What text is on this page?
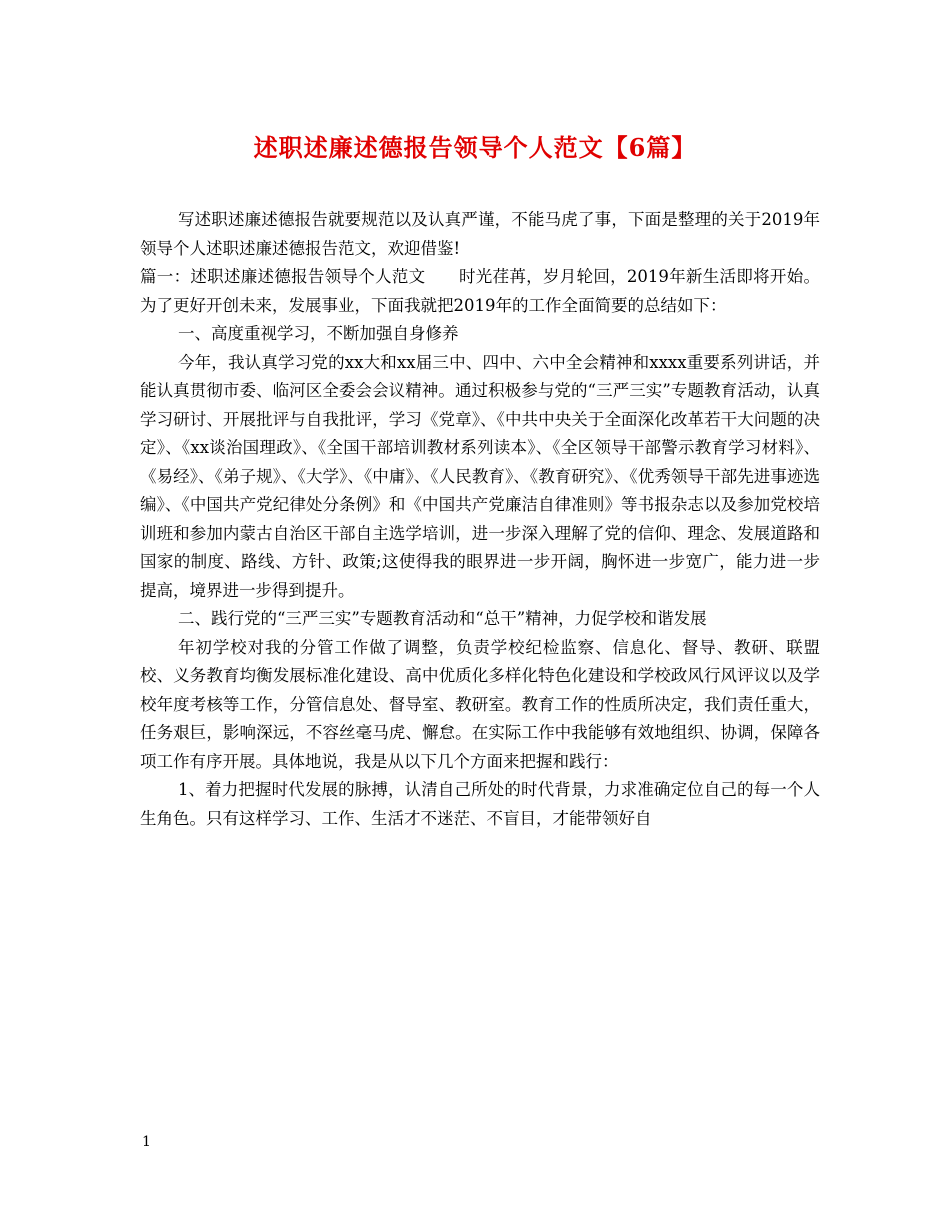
述职述廉述德报告领导个人范文【6篇】

写述职述廉述德报告就要规范以及认真严谨，不能马虎了事，下面是整理的关于2019年领导个人述职述廉述德报告范文，欢迎借鉴!

篇一：述职述廉述德报告领导个人范文　　时光荏苒，岁月轮回，2019年新生活即将开始。为了更好开创未来，发展事业，下面我就把2019年的工作全面简要的总结如下：

一、高度重视学习，不断加强自身修养

今年，我认真学习党的xx大和xx届三中、四中、六中全会精神和xxxx重要系列讲话，并能认真贯彻市委、临河区全委会会议精神。通过积极参与党的“三严三实”专题教育活动，认真学习研讨、开展批评与自我批评，学习《党章》、《中共中央关于全面深化改革若干大问题的决定》、《xx谈治国理政》、《全国干部培训教材系列读本》、《全区领导干部警示教育学习材料》、《易经》、《弟子规》、《大学》、《中庸》、《人民教育》、《教育研究》、《优秀领导干部先进事迹选编》、《中国共产党纪律处分条例》和《中国共产党廉洁自律准则》等书报杂志以及参加党校培训班和参加内蒙古自治区干部自主选学培训，进一步深入理解了党的信仰、理念、发展道路和国家的制度、路线、方针、政策;这使得我的眼界进一步开阔，胸怀进一步宽广，能力进一步提高，境界进一步得到提升。

二、践行党的“三严三实”专题教育活动和“总干”精神，力促学校和谐发展

年初学校对我的分管工作做了调整，负责学校纪检监察、信息化、督导、教研、联盟校、义务教育均衡发展标准化建设、高中优质化多样化特色化建设和学校政风行风评议以及学校年度考核等工作，分管信息处、督导室、教研室。教育工作的性质所决定，我们责任重大，任务艰巨，影响深远，不容丝毫马虎、懈怠。在实际工作中我能够有效地组织、协调，保障各项工作有序开展。具体地说，我是从以下几个方面来把握和践行：

1、着力把握时代发展的脉搏，认清自己所处的时代背景，力求准确定位自己的每一个人生角色。只有这样学习、工作、生活才不迷茫、不盲目，才能带领好自

1
